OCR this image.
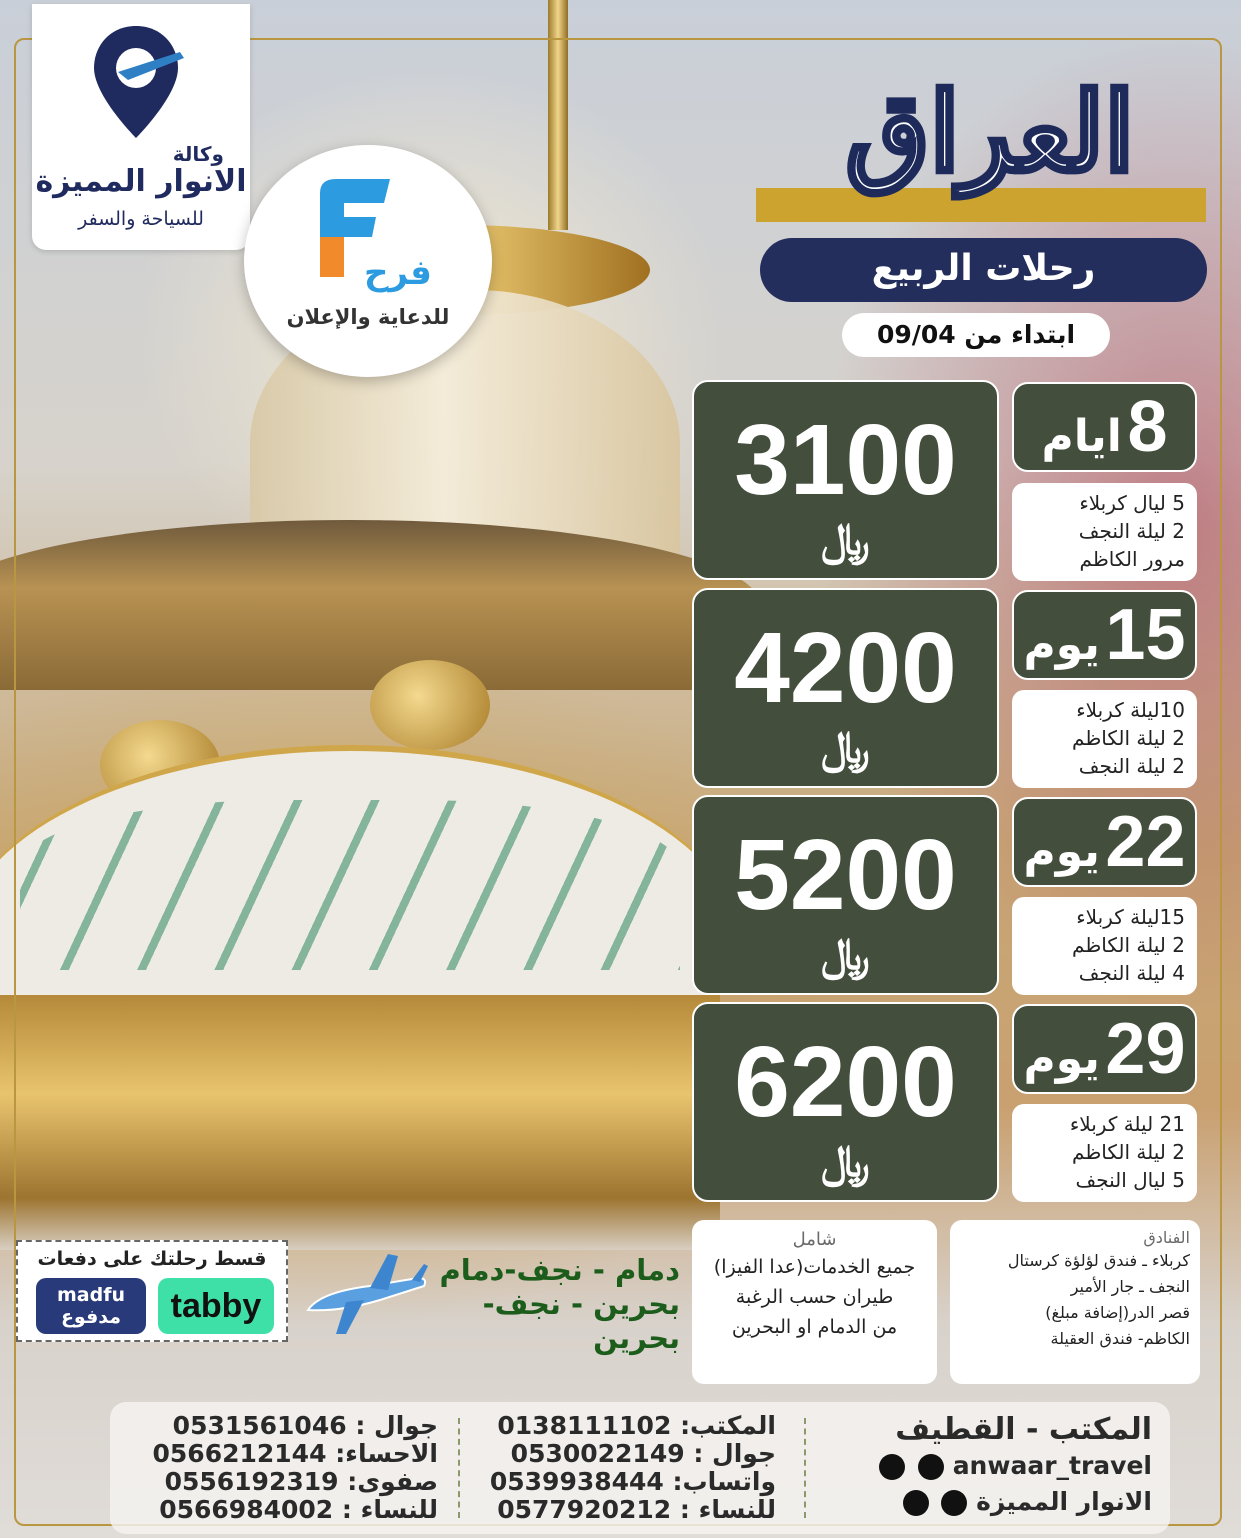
وكالة
الانوار المميزة
للسياحة والسفر
فرح
للدعاية والإعلان
العراق
رحلات الربيع
ابتداء من 09/04
3100
﷼
8 ايام
5 ليال كربلاء
2 ليلة النجف
مرور الكاظم
4200
﷼
15 يوم
10ليلة كربلاء
2 ليلة الكاظم
2 ليلة النجف
5200
﷼
22 يوم
15ليلة كربلاء
2 ليلة الكاظم
4 ليلة النجف
6200
﷼
29 يوم
21 ليلة كربلاء
2 ليلة الكاظم
5 ليال النجف
شامل
جميع الخدمات(عدا الفيزا)
طيران حسب الرغبة
من الدمام او البحرين
الفنادق
كربلاء ـ فندق لؤلؤة كرستال
النجف ـ جار الأمير
قصر الدر(إضافة مبلغ)
الكاظم- فندق العقيلة
دمام - نجف-دمام
بحرين - نجف-بحرين
قسط رحلتك على دفعات
madfu
مدفوع	tabby
جوال : 0531561046
الاحساء: 0566212144
صفوى: 0556192319
للنساء : 0566984002
المكتب: 0138111102
جوال : 0530022149
واتساب: 0539938444
للنساء : 0577920212
المكتب - القطيف
anwaar_travel
الانوار المميزة
